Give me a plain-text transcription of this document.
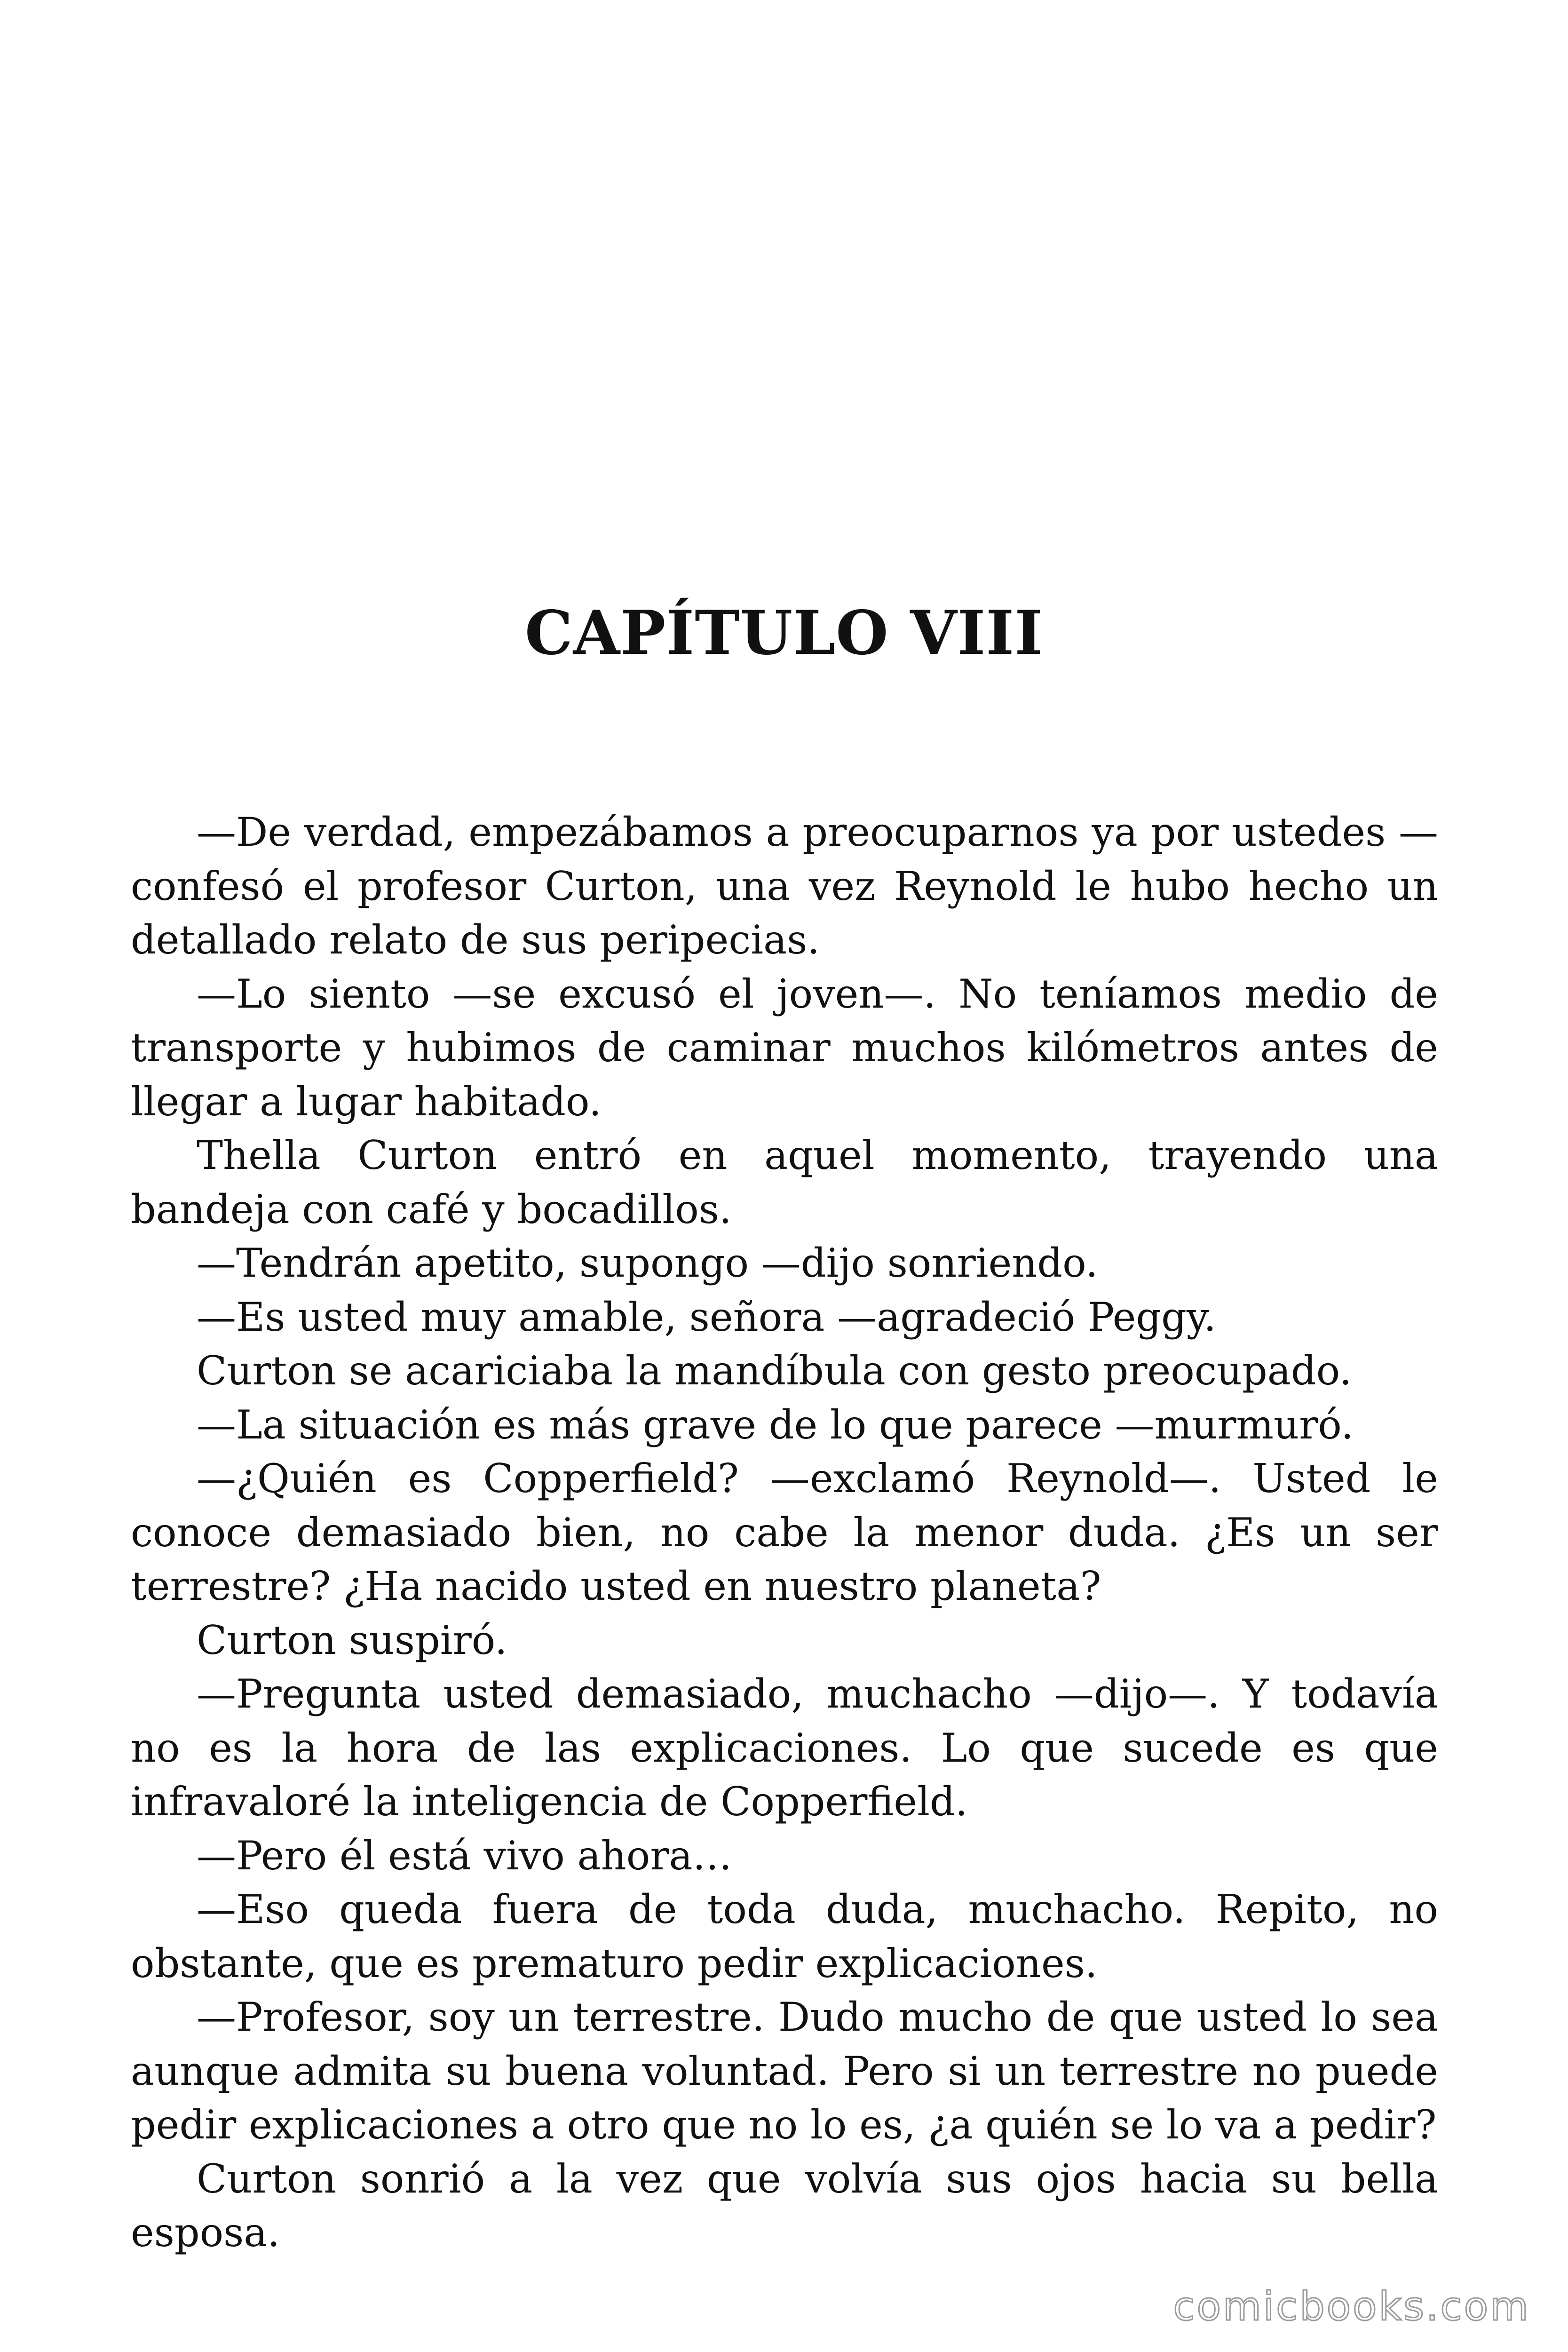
CAPÍTULO VIII

—De verdad, empezábamos a preocuparnos ya por ustedes —confesó el profesor Curton, una vez Reynold le hubo hecho un detallado relato de sus peripecias.

—Lo siento —se excusó el joven—. No teníamos medio de transporte y hubimos de caminar muchos kilómetros antes de llegar a lugar habitado.

Thella Curton entró en aquel momento, trayendo una bandeja con café y bocadillos.

—Tendrán apetito, supongo —dijo sonriendo.

—Es usted muy amable, señora —agradeció Peggy.

Curton se acariciaba la mandíbula con gesto preocupado.

—La situación es más grave de lo que parece —murmuró.

—¿Quién es Copperfield? —exclamó Reynold—. Usted le conoce demasiado bien, no cabe la menor duda. ¿Es un ser terrestre? ¿Ha nacido usted en nuestro planeta?

Curton suspiró.

—Pregunta usted demasiado, muchacho —dijo—. Y todavía no es la hora de las explicaciones. Lo que sucede es que infravaloré la inteligencia de Copperfield.

—Pero él está vivo ahora…

—Eso queda fuera de toda duda, muchacho. Repito, no obstante, que es prematuro pedir explicaciones.

—Profesor, soy un terrestre. Dudo mucho de que usted lo sea aunque admita su buena voluntad. Pero si un terrestre no puede pedir explicaciones a otro que no lo es, ¿a quién se lo va a pedir?

Curton sonrió a la vez que volvía sus ojos hacia su bella esposa.

comicbooks.com
